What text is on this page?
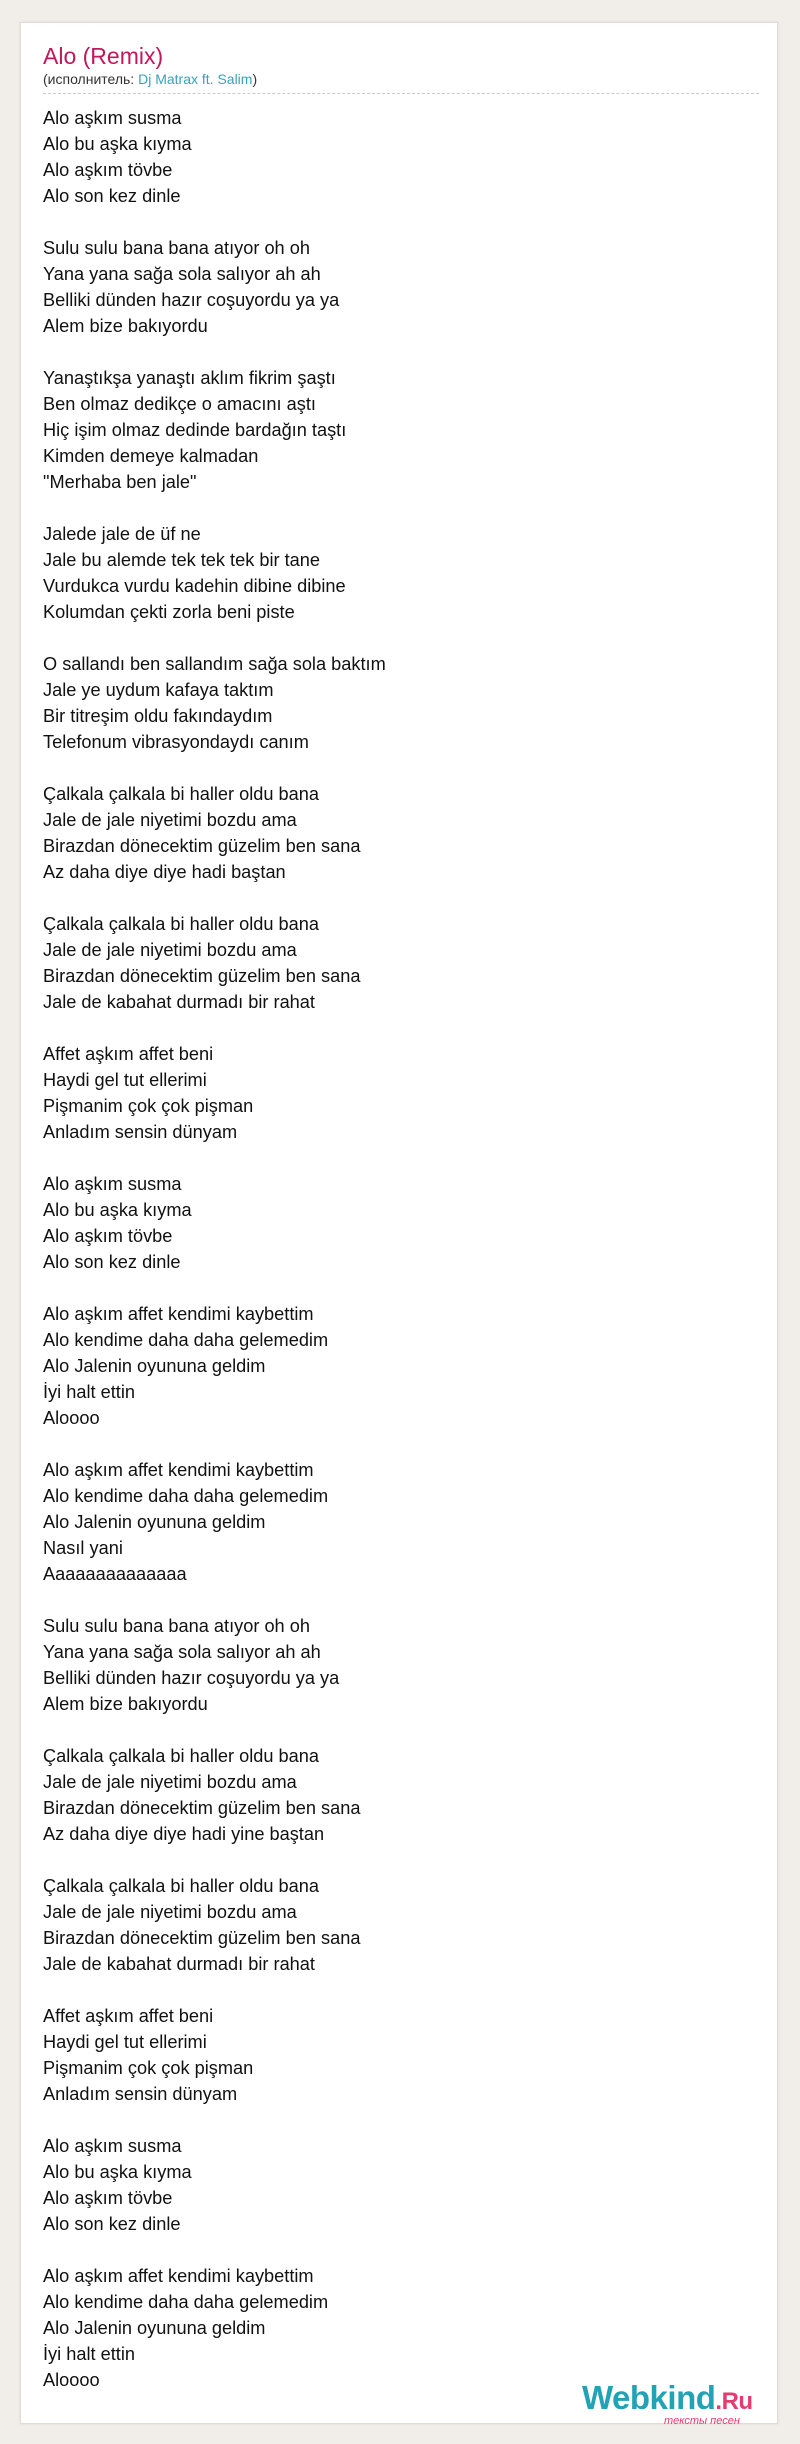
Alo (Remix)
(исполнитель: Dj Matrax ft. Salim)
Alo aşkım susma
Alo bu aşka kıyma
Alo aşkım tövbe
Alo son kez dinle
Sulu sulu bana bana atıyor oh oh
Yana yana sağa sola salıyor ah ah
Belliki dünden hazır coşuyordu ya ya
Alem bize bakıyordu
Yanaştıkşa yanaştı aklım fikrim şaştı
Ben olmaz dedikçe o amacını aştı
Hiç işim olmaz dedinde bardağın taştı
Kimden demeye kalmadan
"Merhaba ben jale"
Jalede jale de üf ne
Jale bu alemde tek tek tek bir tane
Vurdukca vurdu kadehin dibine dibine
Kolumdan çekti zorla beni piste
O sallandı ben sallandım sağa sola baktım
Jale ye uydum kafaya taktım
Bir titreşim oldu fakındaydım
Telefonum vibrasyondaydı canım
Çalkala çalkala bi haller oldu bana
Jale de jale niyetimi bozdu ama
Birazdan dönecektim güzelim ben sana
Az daha diye diye hadi baştan
Çalkala çalkala bi haller oldu bana
Jale de jale niyetimi bozdu ama
Birazdan dönecektim güzelim ben sana
Jale de kabahat durmadı bir rahat
Affet aşkım affet beni
Haydi gel tut ellerimi
Pişmanim çok çok pişman
Anladım sensin dünyam
Alo aşkım susma
Alo bu aşka kıyma
Alo aşkım tövbe
Alo son kez dinle
Alo aşkım affet kendimi kaybettim
Alo kendime daha daha gelemedim
Alo Jalenin oyununa geldim
İyi halt ettin
Aloooo
Alo aşkım affet kendimi kaybettim
Alo kendime daha daha gelemedim
Alo Jalenin oyununa geldim
Nasıl yani
Aaaaaaaaaaaaaa
Sulu sulu bana bana atıyor oh oh
Yana yana sağa sola salıyor ah ah
Belliki dünden hazır coşuyordu ya ya
Alem bize bakıyordu
Çalkala çalkala bi haller oldu bana
Jale de jale niyetimi bozdu ama
Birazdan dönecektim güzelim ben sana
Az daha diye diye hadi yine baştan
Çalkala çalkala bi haller oldu bana
Jale de jale niyetimi bozdu ama
Birazdan dönecektim güzelim ben sana
Jale de kabahat durmadı bir rahat
Affet aşkım affet beni
Haydi gel tut ellerimi
Pişmanim çok çok pişman
Anladım sensin dünyam
Alo aşkım susma
Alo bu aşka kıyma
Alo aşkım tövbe
Alo son kez dinle
Alo aşkım affet kendimi kaybettim
Alo kendime daha daha gelemedim
Alo Jalenin oyununa geldim
İyi halt ettin
Aloooo	Webkind.Ru
тексты песен
